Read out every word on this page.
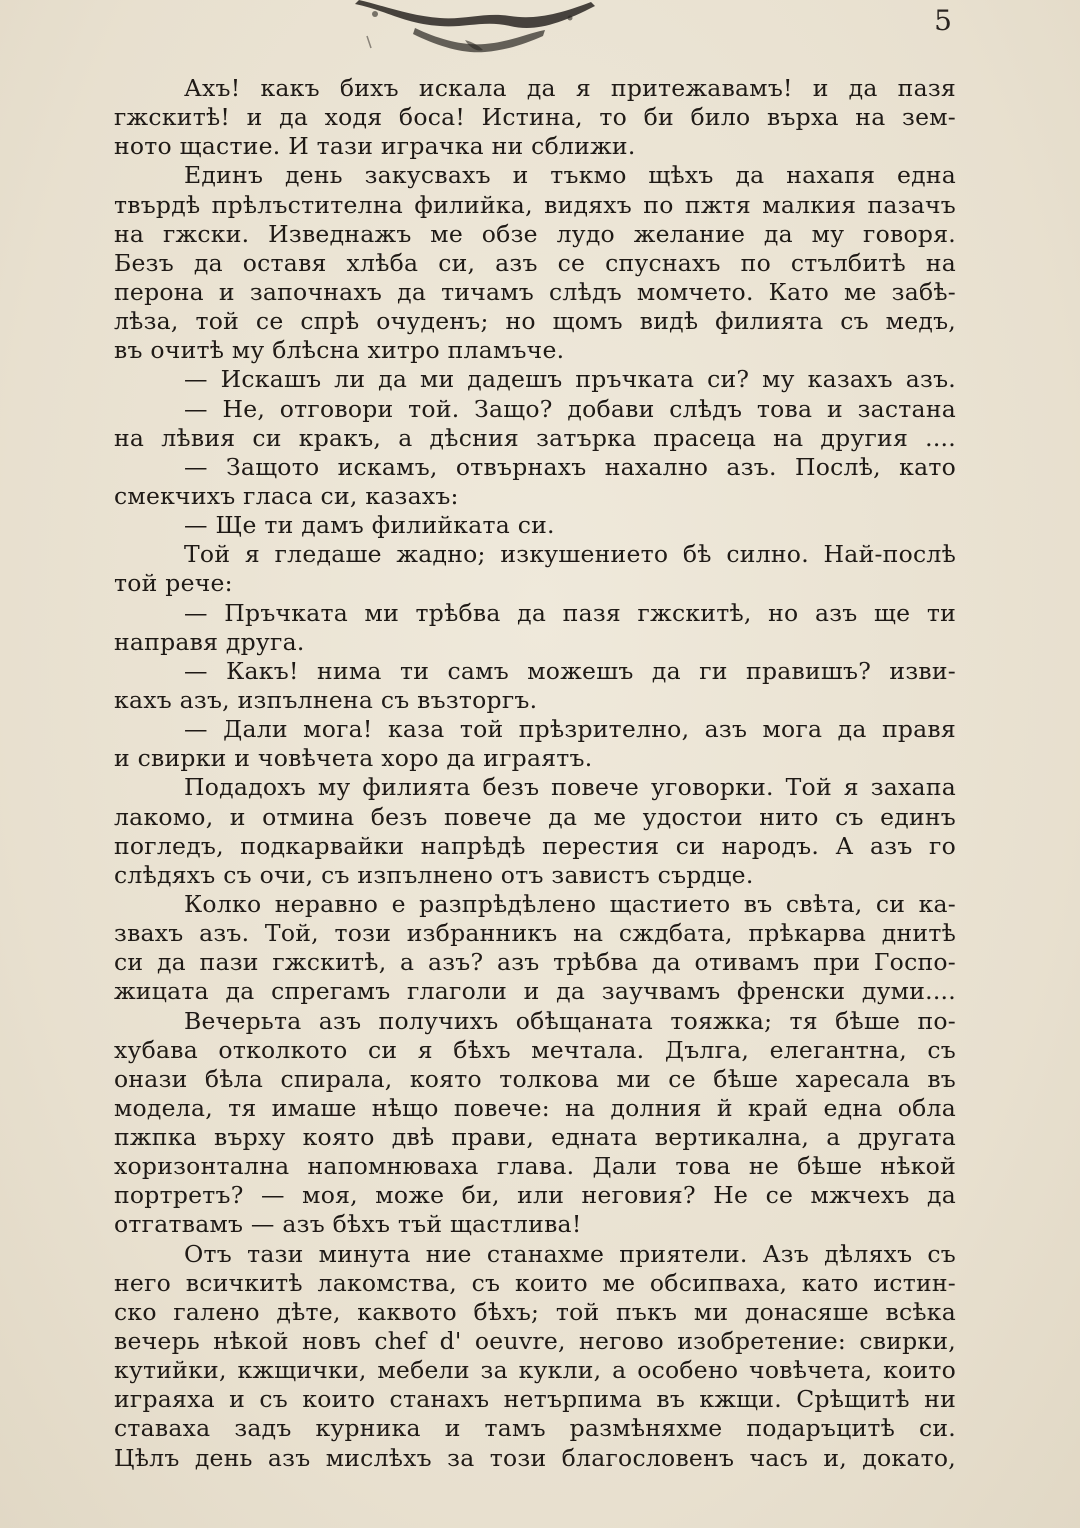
5
Ахъ! какъ бихъ искала да я притежавамъ! и да пазя
гжскитѣ! и да ходя боса! Истина, то би било върха на зем-
ното щастие. И тази играчка ни сближи.
Единъ день закусвахъ и тъкмо щѣхъ да нахапя една
твърдѣ прѣлъстителна филийка, видяхъ по пжтя малкия пазачъ
на гжски. Изведнажъ ме обзе лудо желание да му говоря.
Безъ да оставя хлѣба си, азъ се спуснахъ по стълбитѣ на
перона и започнахъ да тичамъ слѣдъ момчето. Като ме забѣ-
лѣза, той се спрѣ очуденъ; но щомъ видѣ филията съ медъ,
въ очитѣ му блѣсна хитро пламъче.
— Искашъ ли да ми дадешъ пръчката си? му казахъ азъ.
— Не, отговори той. Защо? добави слѣдъ това и застана
на лѣвия си кракъ, а дѣсния затърка прасеца на другия ....
— Защото искамъ, отвърнахъ нахално азъ. Послѣ, като
смекчихъ гласа си, казахъ:
— Ще ти дамъ филийката си.
Той я гледаше жадно; изкушението бѣ силно. Най-послѣ
той рече:
— Пръчката ми трѣбва да пазя гжскитѣ, но азъ ще ти
направя друга.
— Какъ! нима ти самъ можешъ да ги правишъ? изви-
кахъ азъ, изпълнена съ възторгъ.
— Дали мога! каза той прѣзрително, азъ мога да правя
и свирки и човѣчета хоро да играятъ.
Подадохъ му филията безъ повече уговорки. Той я захапа
лакомо, и отмина безъ повече да ме удостои нито съ единъ
погледъ, подкарвайки напрѣдѣ перестия си народъ. А азъ го
слѣдяхъ съ очи, съ изпълнено отъ завистъ сърдце.
Колко неравно е разпрѣдѣлено щастието въ свѣта, си ка-
звахъ азъ. Той, този избранникъ на сждбата, прѣкарва днитѣ
си да пази гжскитѣ, а азъ? азъ трѣбва да отивамъ при Госпо-
жицата да спрегамъ глаголи и да заучвамъ френски думи....
Вечерьта азъ получихъ обѣщаната тояжка; тя бѣше по-
хубава отколкото си я бѣхъ мечтала. Дълга, елегантна, съ
онази бѣла спирала, която толкова ми се бѣше харесала въ
модела, тя имаше нѣщо повече: на долния й край една обла
пжпка върху която двѣ прави, едната вертикална, а другата
хоризонтална напомнюваха глава. Дали това не бѣше нѣкой
портретъ? — моя, може би, или неговия? Не се мжчехъ да
отгатвамъ — азъ бѣхъ тъй щастлива!
Отъ тази минута ние станахме приятели. Азъ дѣляхъ съ
него всичкитѣ лакомства, съ които ме обсипваха, като истин-
ско галено дѣте, каквото бѣхъ; той пъкъ ми донасяше всѣка
вечерь нѣкой новъ chef d' oeuvre, негово изобретение: свирки,
кутийки, кжщички, мебели за кукли, а особено човѣчета, които
играяха и съ които станахъ нетърпима въ кжщи. Срѣщитѣ ни
ставаха задъ курника и тамъ размѣняхме подаръцитѣ си.
Цѣлъ день азъ мислѣхъ за този благословенъ часъ и, докато,
